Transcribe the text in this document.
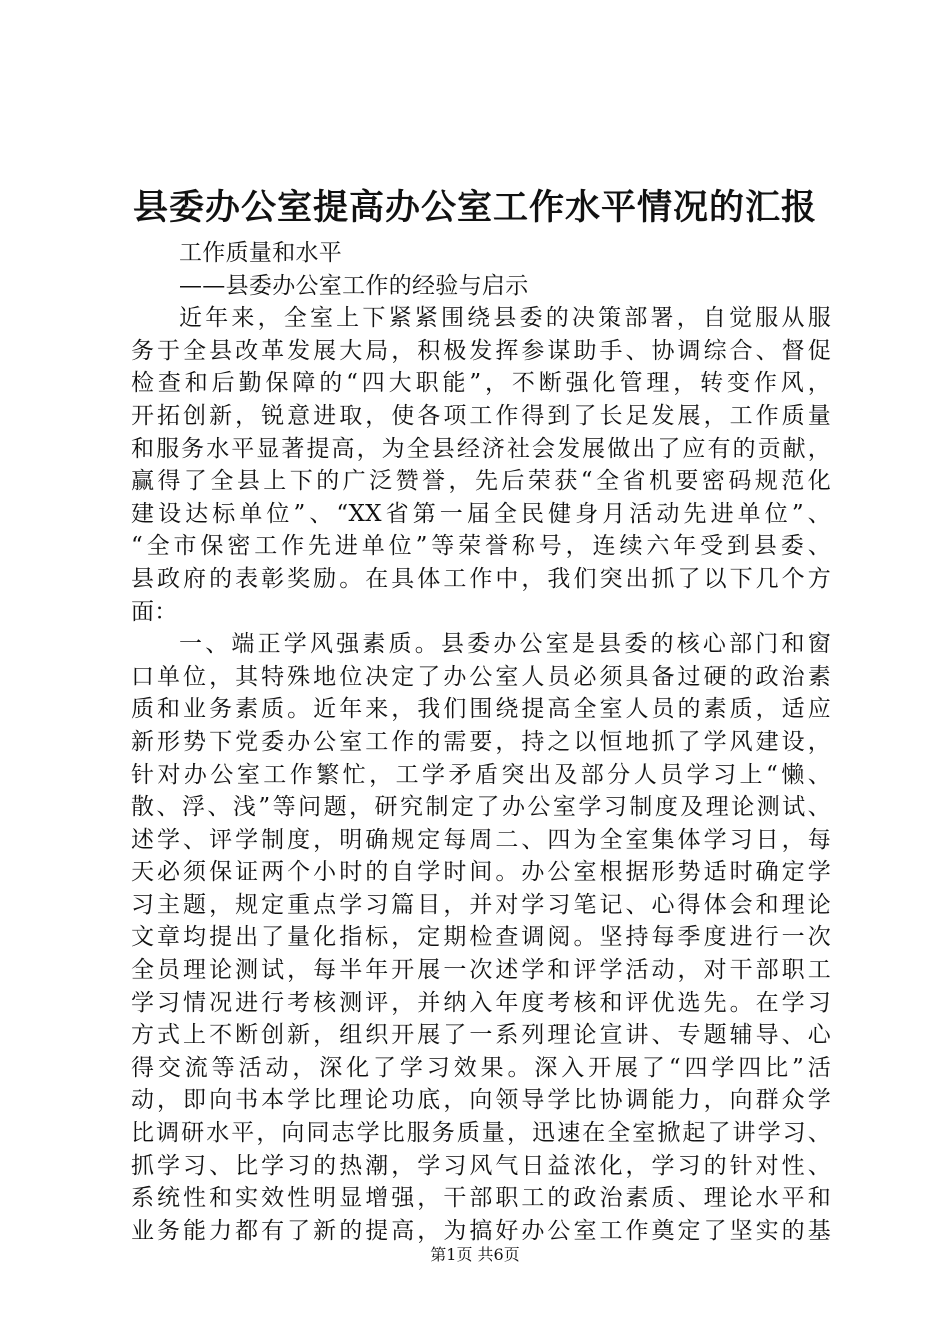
县委办公室提高办公室工作水平情况的汇报
工作质量和水平
——县委办公室工作的经验与启示
近年来，全室上下紧紧围绕县委的决策部署，自觉服从服
务于全县改革发展大局，积极发挥参谋助手、协调综合、督促
检查和后勤保障的“四大职能”，不断强化管理，转变作风，
开拓创新，锐意进取，使各项工作得到了长足发展，工作质量
和服务水平显著提高，为全县经济社会发展做出了应有的贡献，
赢得了全县上下的广泛赞誉，先后荣获“全省机要密码规范化
建设达标单位”、“XX省第一届全民健身月活动先进单位”、
“全市保密工作先进单位”等荣誉称号，连续六年受到县委、
县政府的表彰奖励。在具体工作中，我们突出抓了以下几个方
面：
一、端正学风强素质。县委办公室是县委的核心部门和窗
口单位，其特殊地位决定了办公室人员必须具备过硬的政治素
质和业务素质。近年来，我们围绕提高全室人员的素质，适应
新形势下党委办公室工作的需要，持之以恒地抓了学风建设，
针对办公室工作繁忙，工学矛盾突出及部分人员学习上“懒、
散、浮、浅”等问题，研究制定了办公室学习制度及理论测试、
述学、评学制度，明确规定每周二、四为全室集体学习日，每
天必须保证两个小时的自学时间。办公室根据形势适时确定学
习主题，规定重点学习篇目，并对学习笔记、心得体会和理论
文章均提出了量化指标，定期检查调阅。坚持每季度进行一次
全员理论测试，每半年开展一次述学和评学活动，对干部职工
学习情况进行考核测评，并纳入年度考核和评优选先。在学习
方式上不断创新，组织开展了一系列理论宣讲、专题辅导、心
得交流等活动，深化了学习效果。深入开展了“四学四比”活
动，即向书本学比理论功底，向领导学比协调能力，向群众学
比调研水平，向同志学比服务质量，迅速在全室掀起了讲学习、
抓学习、比学习的热潮，学习风气日益浓化，学习的针对性、
系统性和实效性明显增强，干部职工的政治素质、理论水平和
业务能力都有了新的提高，为搞好办公室工作奠定了坚实的基
第1页 共6页
